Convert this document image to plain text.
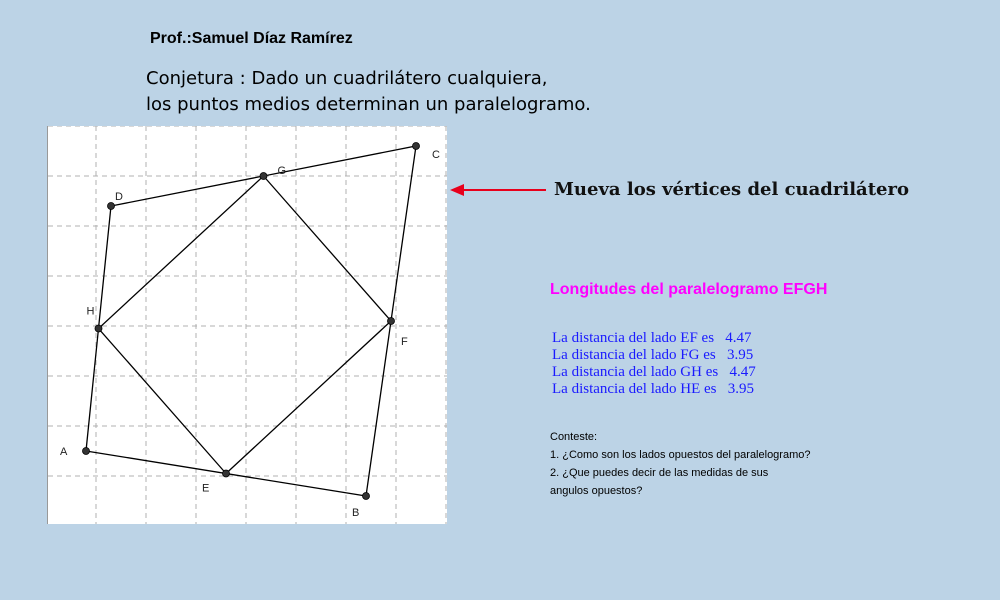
Prof.:Samuel Díaz Ramírez
Conjetura : Dado un cuadrilátero cualquiera,
los puntos medios determinan un paralelogramo.
A
B
C
D
E
F
G
H
Mueva los vértices del cuadrilátero
Longitudes del paralelogramo EFGH
La distancia del lado EF es 4.47
La distancia del lado FG es 3.95
La distancia del lado GH es 4.47
La distancia del lado HE es 3.95
Conteste:
1. ¿Como son los lados opuestos del paralelogramo?
2. ¿Que puedes decir de las medidas de sus
angulos opuestos?
